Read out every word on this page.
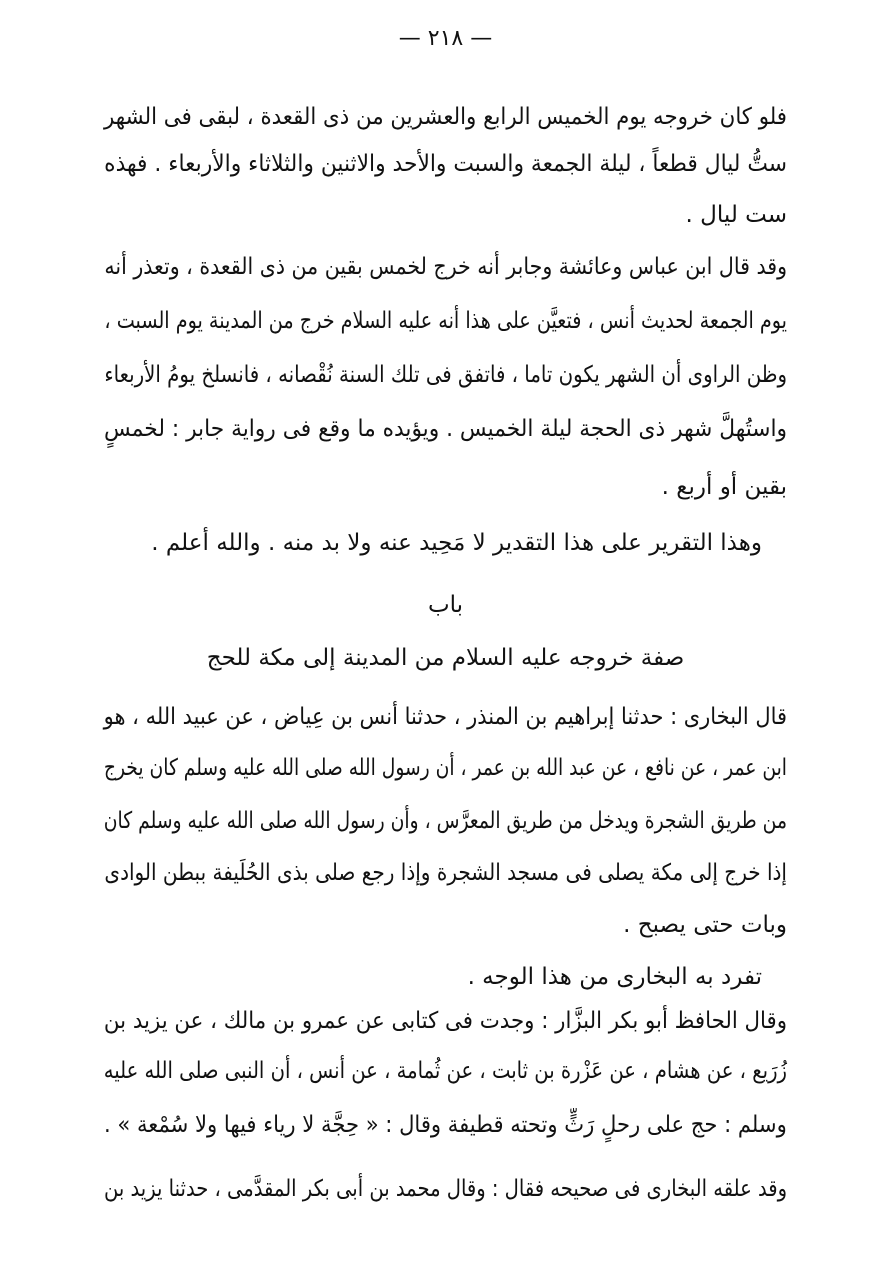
— ٢١٨ —
فلو كان خروجه يوم الخميس الرابع والعشرين من ذى القعدة ، لبقى فى الشهر
ستُّ ليال قطعاً ، ليلة الجمعة والسبت والأحد والاثنين والثلاثاء والأربعاء . فهذه
ست ليال .
وقد قال ابن عباس وعائشة وجابر أنه خرج لخمس بقين من ذى القعدة ، وتعذر أنه
يوم الجمعة لحديث أنس ، فتعيَّن على هذا أنه عليه السلام خرج من المدينة يوم السبت ،
وظن الراوى أن الشهر يكون تاما ، فاتفق فى تلك السنة نُقْصانه ، فانسلخ يومُ الأربعاء
واستُهلَّ شهر ذى الحجة ليلة الخميس . ويؤيده ما وقع فى رواية جابر : لخمسٍ
بقين أو أربع .
وهذا التقرير على هذا التقدير لا مَحِيد عنه ولا بد منه . والله أعلم .
باب
صفة خروجه عليه السلام من المدينة إلى مكة للحج
قال البخارى : حدثنا إبراهيم بن المنذر ، حدثنا أنس بن عِياض ، عن عبيد الله ، هو
ابن عمر ، عن نافع ، عن عبد الله بن عمر ، أن رسول الله صلى الله عليه وسلم كان يخرج
من طريق الشجرة ويدخل من طريق المعرَّس ، وأن رسول الله صلى الله عليه وسلم كان
إذا خرج إلى مكة يصلى فى مسجد الشجرة وإذا رجع صلى بذى الحُلَيفة ببطن الوادى
وبات حتى يصبح .
تفرد به البخارى من هذا الوجه .
وقال الحافظ أبو بكر البزَّار : وجدت فى كتابى عن عمرو بن مالك ، عن يزيد بن
زُرَيع ، عن هشام ، عن عَزْرة بن ثابت ، عن ثُمامة ، عن أنس ، أن النبى صلى الله عليه
وسلم : حج على رحلٍ رَثٍّ وتحته قطيفة وقال : « حِجَّة لا رياء فيها ولا سُمْعة » .
وقد علقه البخارى فى صحيحه فقال : وقال محمد بن أبى بكر المقدَّمى ، حدثنا يزيد بن
